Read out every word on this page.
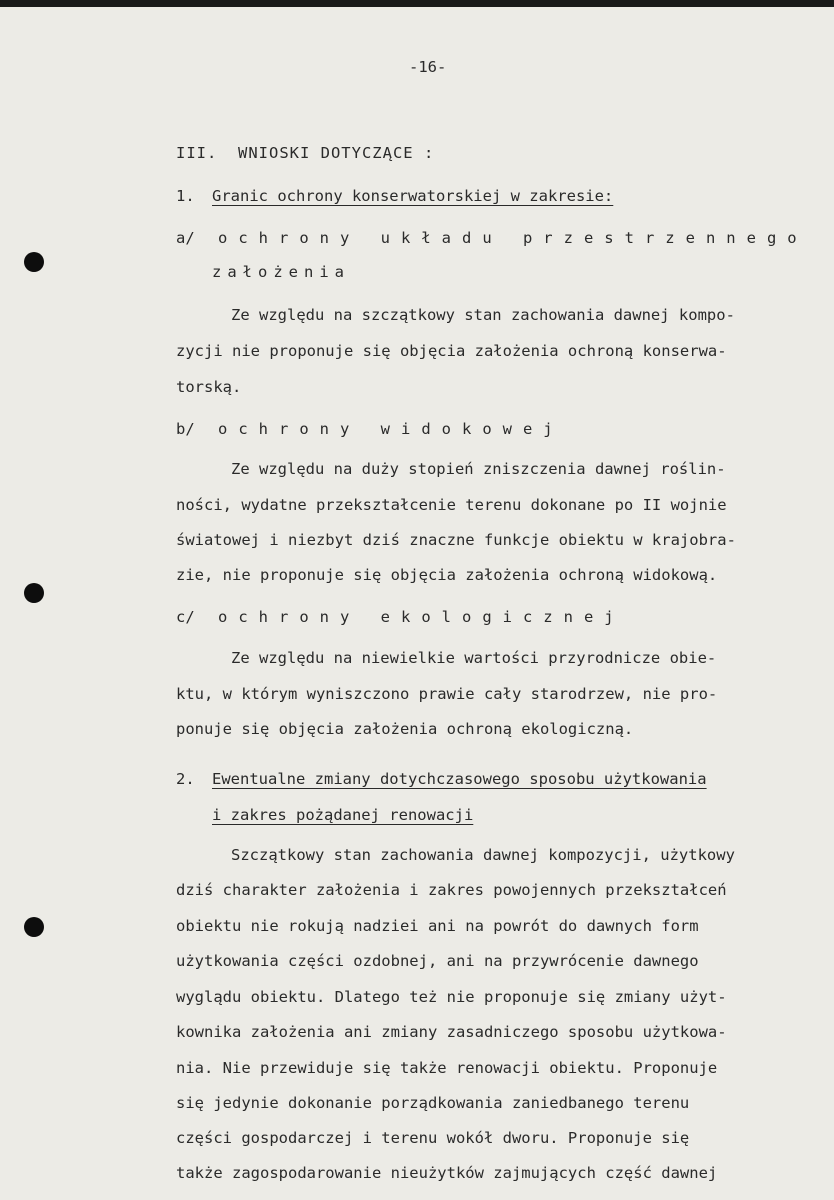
-16-
III.  WNIOSKI DOTYCZĄCE :
1. Granic ochrony konserwatorskiej w zakresie:
a/ ochrony układu przestrzennego
założenia
Ze względu na szczątkowy stan zachowania dawnej kompo-
zycji nie proponuje się objęcia założenia ochroną konserwa-
torską.
b/ ochrony widokowej
Ze względu na duży stopień zniszczenia dawnej roślin-
ności, wydatne przekształcenie terenu dokonane po II wojnie
światowej i niezbyt dziś znaczne funkcje obiektu w krajobra-
zie, nie proponuje się objęcia założenia ochroną widokową.
c/ ochrony ekologicznej
Ze względu na niewielkie wartości przyrodnicze obie-
ktu, w którym wyniszczono prawie cały starodrzew, nie pro-
ponuje się objęcia założenia ochroną ekologiczną.
2. Ewentualne zmiany dotychczasowego sposobu użytkowania
i zakres pożądanej renowacji
Szczątkowy stan zachowania dawnej kompozycji, użytkowy
dziś charakter założenia i zakres powojennych przekształceń
obiektu nie rokują nadziei ani na powrót do dawnych form
użytkowania części ozdobnej, ani na przywrócenie dawnego
wyglądu obiektu. Dlatego też nie proponuje się zmiany użyt-
kownika założenia ani zmiany zasadniczego sposobu użytkowa-
nia. Nie przewiduje się także renowacji obiektu. Proponuje
się jedynie dokonanie porządkowania zaniedbanego terenu
części gospodarczej i terenu wokół dworu. Proponuje się
także zagospodarowanie nieużytków zajmujących część dawnej
